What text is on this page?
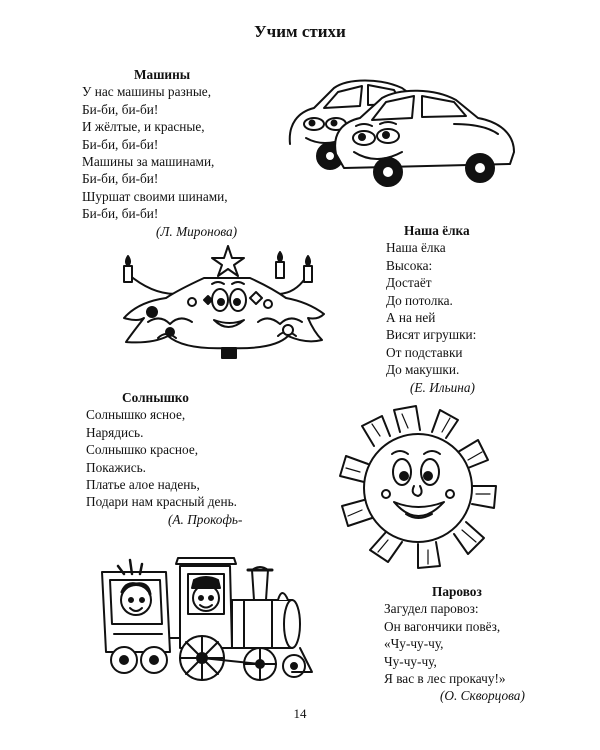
Учим стихи
Машины
У нас машины разные,
Би-би, би-би!
И жёлтые, и красные,
Би-би, би-би!
Машины за машинами,
Би-би, би-би!
Шуршат своими шинами,
Би-би, би-би!
(Л. Миронова)	Наша ёлка
Наша ёлка
Высока:
Достаёт
До потолка.
А на ней
Висят игрушки:
От подставки
До макушки.
(Е. Ильина)
Солнышко
Солнышко ясное,
Нарядись.
Солнышко красное,
Покажись.
Платье алое надень,
Подари нам красный день.
(А. Прокофь-
Паровоз
Загудел паровоз:
Он вагончики повёз,
«Чу-чу-чу,
Чу-чу-чу,
Я вас в лес прокачу!»
(О. Скворцова)
14
